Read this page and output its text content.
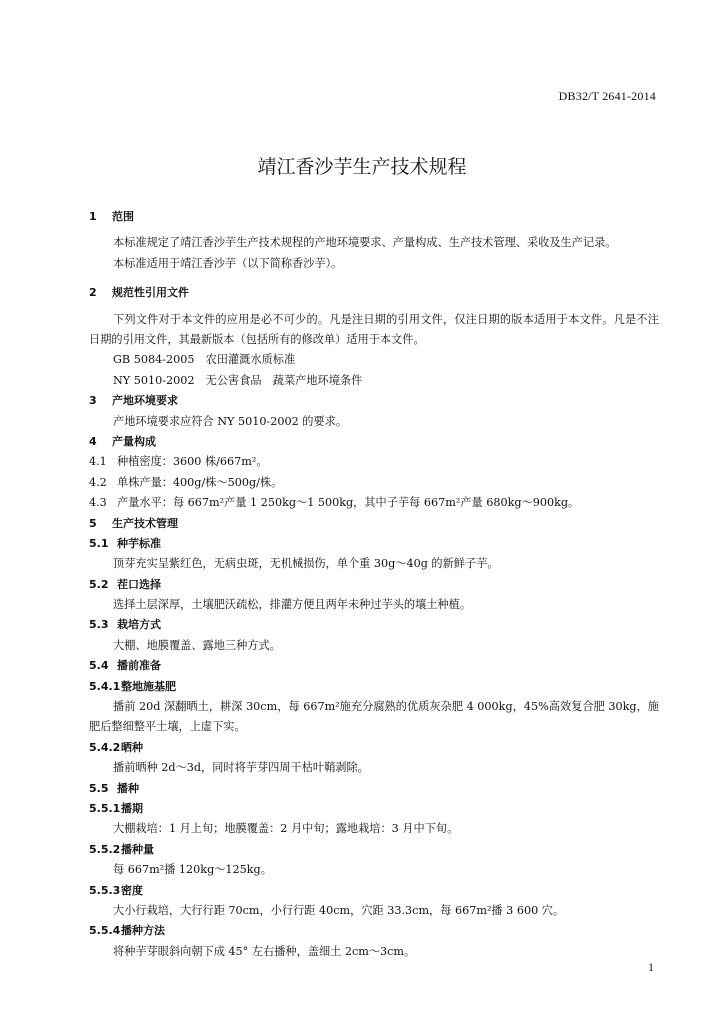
DB32/T 2641-2014
靖江香沙芋生产技术规程
1 范围

本标准规定了靖江香沙芋生产技术规程的产地环境要求、产量构成、生产技术管理、采收及生产记录。

本标准适用于靖江香沙芋（以下简称香沙芋）。
2 规范性引用文件

下列文件对于本文件的应用是必不可少的。凡是注日期的引用文件，仅注日期的版本适用于本文件。凡是不注日期的引用文件，其最新版本（包括所有的修改单）适用于本文件。

GB 5084-2005　农田灌溉水质标准
NY 5010-2002　无公害食品　蔬菜产地环境条件
3 产地环境要求
产地环境要求应符合 NY 5010-2002 的要求。
4 产量构成
4.1 种植密度：3600 株/667m²。
4.2 单株产量：400g/株～500g/株。
4.3 产量水平：每 667m²产量 1 250kg～1 500kg，其中子芋每 667m²产量 680kg～900kg。
5 生产技术管理
5.1 种芋标准
顶芽充实呈紫红色，无病虫斑，无机械损伤，单个重 30g～40g 的新鲜子芋。
5.2 茬口选择
选择土层深厚，土壤肥沃疏松，排灌方便且两年未种过芋头的壤土种植。
5.3 栽培方式
大棚、地膜覆盖、露地三种方式。
5.4 播前准备
5.4.1整地施基肥

播前 20d 深翻晒土，耕深 30cm，每 667m²施充分腐熟的优质灰杂肥 4 000kg，45%高效复合肥 30kg，施肥后整细整平土壤，上虚下实。

5.4.2晒种
播前晒种 2d～3d，同时将芋芽四周干枯叶鞘剥除。
5.5 播种
5.5.1播期
大棚栽培：1 月上旬；地膜覆盖：2 月中旬；露地栽培：3 月中下旬。
5.5.2播种量
每 667m²播 120kg～125kg。
5.5.3密度
大小行栽培，大行行距 70cm，小行行距 40cm，穴距 33.3cm，每 667m²播 3 600 穴。
5.5.4播种方法
将种芋芽眼斜向朝下成 45° 左右播种，盖细土 2cm～3cm。
1
